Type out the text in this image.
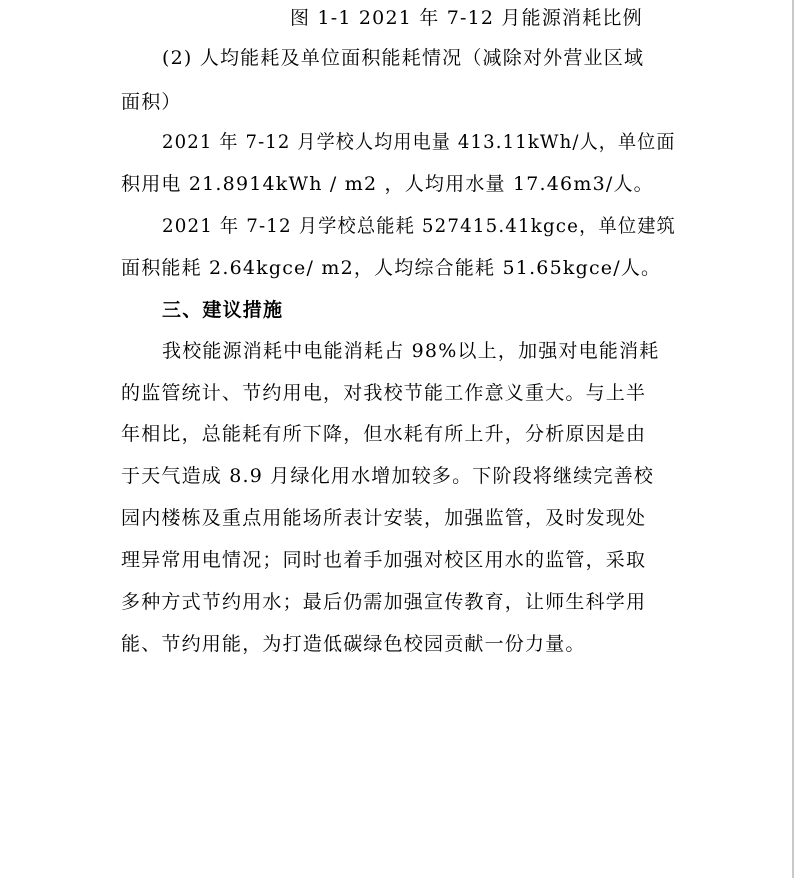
图 1-1 2021 年 7-12 月能源消耗比例
(2) 人均能耗及单位面积能耗情况（减除对外营业区域
面积）
2021 年 7-12 月学校人均用电量 413.11kWh/人，单位面
积用电 21.8914kWh / m2 ，人均用水量 17.46m3/人。
2021 年 7-12 月学校总能耗 527415.41kgce，单位建筑
面积能耗 2.64kgce/ m2，人均综合能耗 51.65kgce/人。
三、建议措施
我校能源消耗中电能消耗占 98%以上，加强对电能消耗
的监管统计、节约用电，对我校节能工作意义重大。与上半
年相比，总能耗有所下降，但水耗有所上升，分析原因是由
于天气造成 8.9 月绿化用水增加较多。下阶段将继续完善校
园内楼栋及重点用能场所表计安装，加强监管，及时发现处
理异常用电情况；同时也着手加强对校区用水的监管，采取
多种方式节约用水；最后仍需加强宣传教育，让师生科学用
能、节约用能，为打造低碳绿色校园贡献一份力量。
